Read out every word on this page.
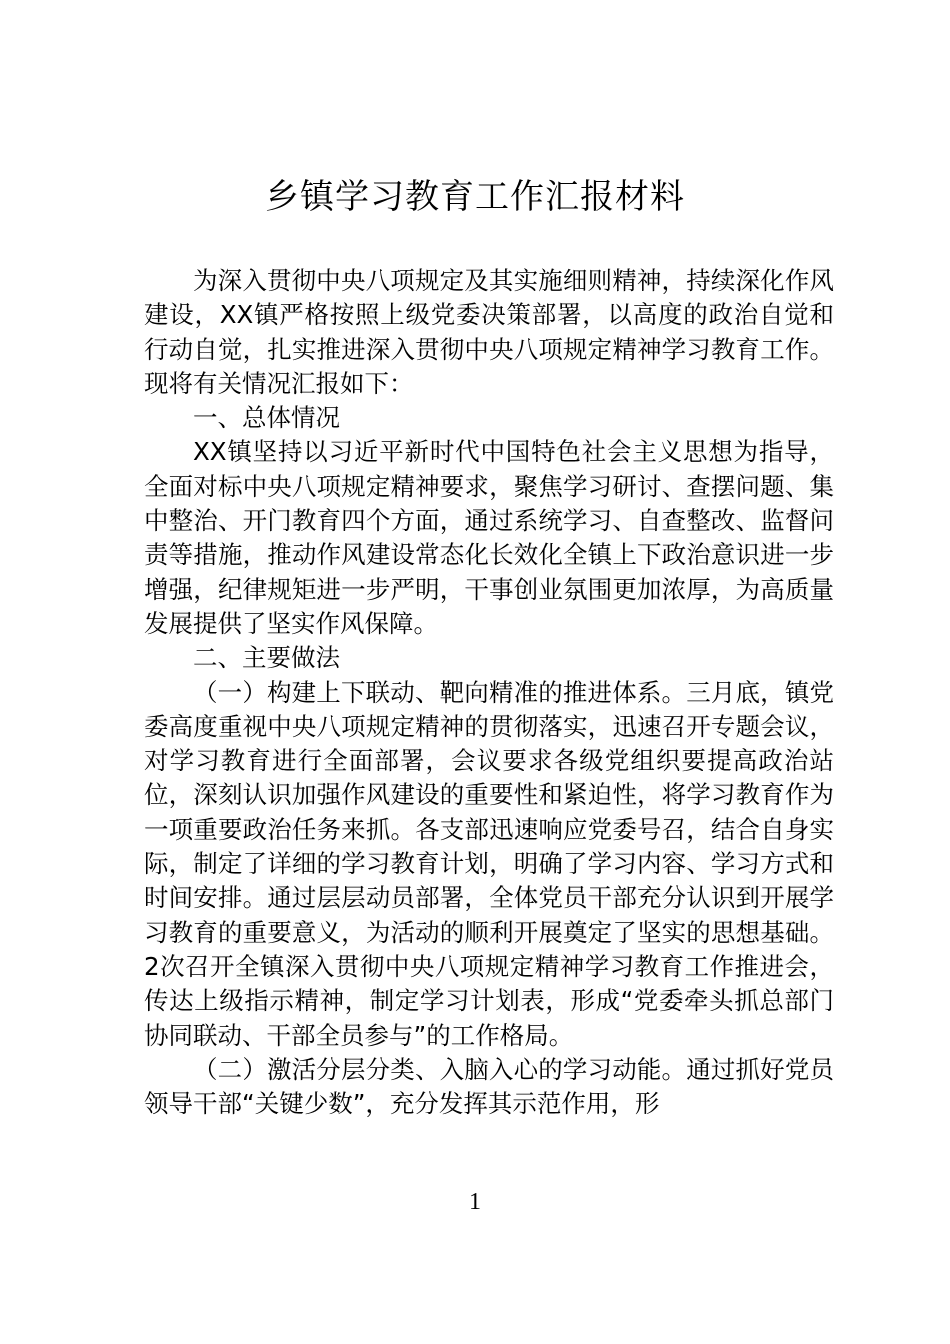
乡镇学习教育工作汇报材料

为深入贯彻中央八项规定及其实施细则精神，持续深化作风建设，XX镇严格按照上级党委决策部署，以高度的政治自觉和行动自觉，扎实推进深入贯彻中央八项规定精神学习教育工作。现将有关情况汇报如下：

一、总体情况

XX镇坚持以习近平新时代中国特色社会主义思想为指导，全面对标中央八项规定精神要求，聚焦学习研讨、查摆问题、集中整治、开门教育四个方面，通过系统学习、自查整改、监督问责等措施，推动作风建设常态化长效化全镇上下政治意识进一步增强，纪律规矩进一步严明，干事创业氛围更加浓厚，为高质量发展提供了坚实作风保障。

二、主要做法

（一）构建上下联动、靶向精准的推进体系。三月底，镇党委高度重视中央八项规定精神的贯彻落实，迅速召开专题会议，对学习教育进行全面部署，会议要求各级党组织要提高政治站位，深刻认识加强作风建设的重要性和紧迫性，将学习教育作为一项重要政治任务来抓。各支部迅速响应党委号召，结合自身实际，制定了详细的学习教育计划，明确了学习内容、学习方式和时间安排。通过层层动员部署，全体党员干部充分认识到开展学习教育的重要意义，为活动的顺利开展奠定了坚实的思想基础。2次召开全镇深入贯彻中央八项规定精神学习教育工作推进会，传达上级指示精神，制定学习计划表，形成“党委牵头抓总部门协同联动、干部全员参与”的工作格局。

（二）激活分层分类、入脑入心的学习动能。通过抓好党员领导干部“关键少数”，充分发挥其示范作用，形

1
